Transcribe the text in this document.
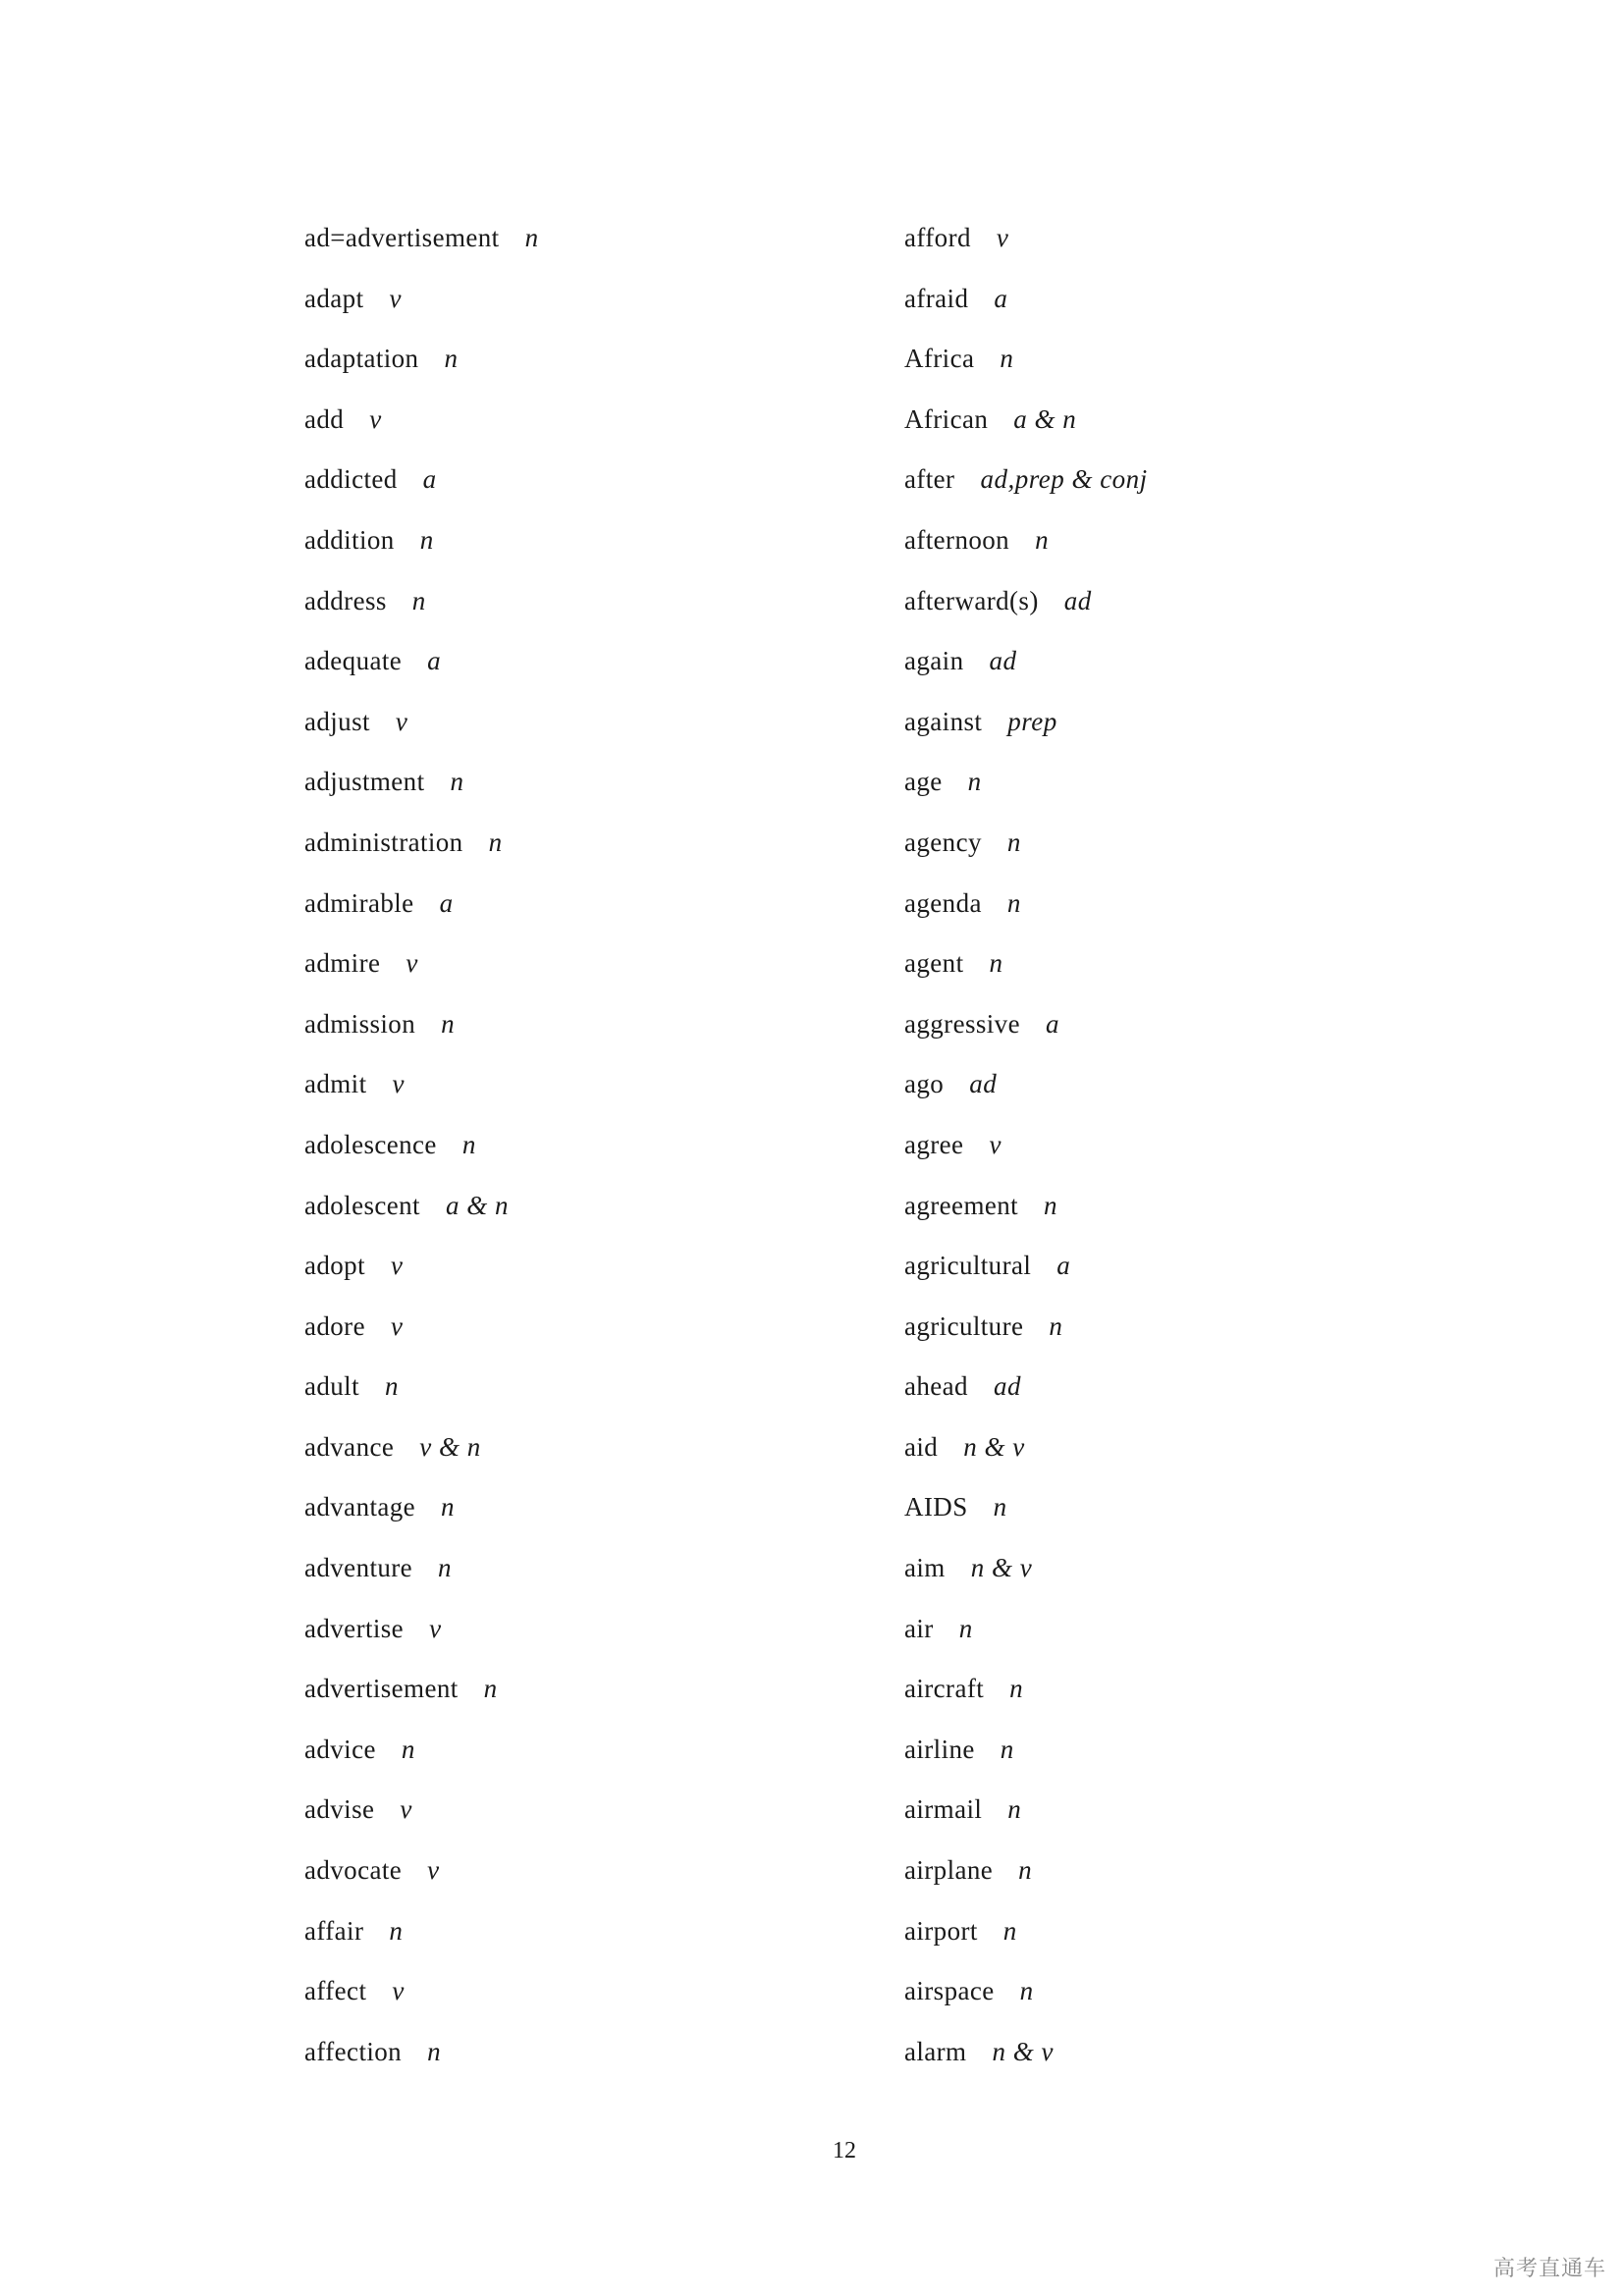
ad=advertisement n
adapt v
adaptation n
add v
addicted a
addition n
address n
adequate a
adjust v
adjustment n
administration n
admirable a
admire v
admission n
admit v
adolescence n
adolescent a & n
adopt v
adore v
adult n
advance v & n
advantage n
adventure n
advertise v
advertisement n
advice n
advise v
advocate v
affair n
affect v
affection n
afford v
afraid a
Africa n
African a & n
after ad,prep & conj
afternoon n
afterward(s) ad
again ad
against prep
age n
agency n
agenda n
agent n
aggressive a
ago ad
agree v
agreement n
agricultural a
agriculture n
ahead ad
aid n & v
AIDS n
aim n & v
air n
aircraft n
airline n
airmail n
airplane n
airport n
airspace n
alarm n & v
12
高考直通车
